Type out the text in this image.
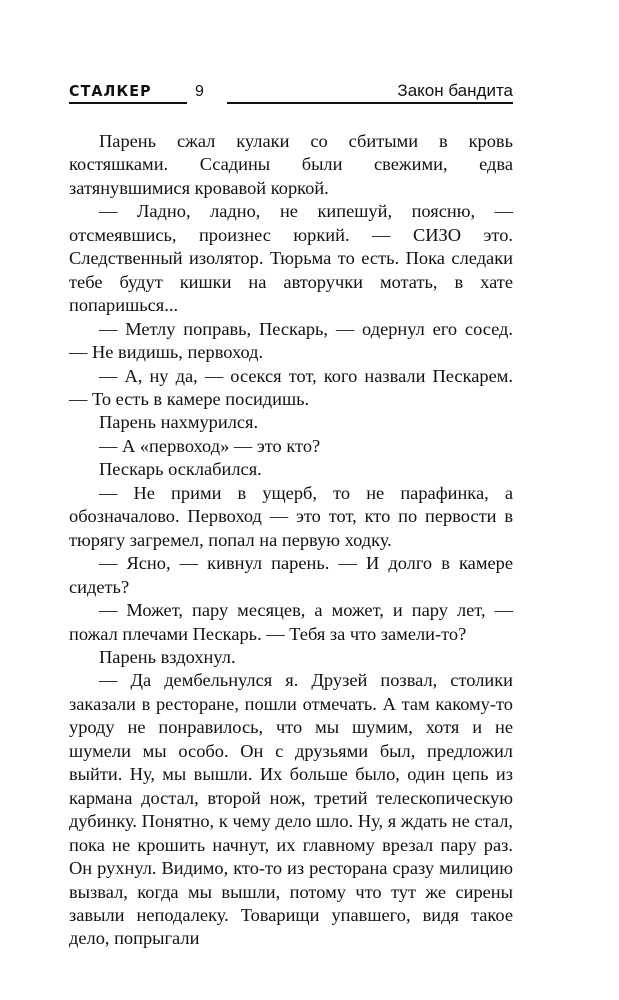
СТАЛКЕР	9	Закон бандита

Парень сжал кулаки со сбитыми в кровь костяшками. Ссадины были свежими, едва затянувшимися кровавой коркой.

— Ладно, ладно, не кипешуй, поясню, — отсмеявшись, произнес юркий. — СИЗО это. Следственный изолятор. Тюрьма то есть. Пока следаки тебе будут кишки на авторучки мотать, в хате попаришься...

— Метлу поправь, Пескарь, — одернул его сосед. — Не видишь, первоход.

— А, ну да, — осекся тот, кого назвали Пескарем. — То есть в камере посидишь.

Парень нахмурился.

— А «первоход» — это кто?

Пескарь осклабился.

— Не прими в ущерб, то не парафинка, а обозначалово. Первоход — это тот, кто по первости в тюрягу загремел, попал на первую ходку.

— Ясно, — кивнул парень. — И долго в камере сидеть?

— Может, пару месяцев, а может, и пару лет, — пожал плечами Пескарь. — Тебя за что замели-то?

Парень вздохнул.

— Да дембельнулся я. Друзей позвал, столики заказали в ресторане, пошли отмечать. А там какому-то уроду не понравилось, что мы шумим, хотя и не шумели мы особо. Он с друзьями был, предложил выйти. Ну, мы вышли. Их больше было, один цепь из кармана достал, второй нож, третий телескопическую дубинку. Понятно, к чему дело шло. Ну, я ждать не стал, пока не крошить начнут, их главному врезал пару раз. Он рухнул. Видимо, кто-то из ресторана сразу милицию вызвал, когда мы вышли, потому что тут же сирены завыли неподалеку. Товарищи упавшего, видя такое дело, попрыгали
